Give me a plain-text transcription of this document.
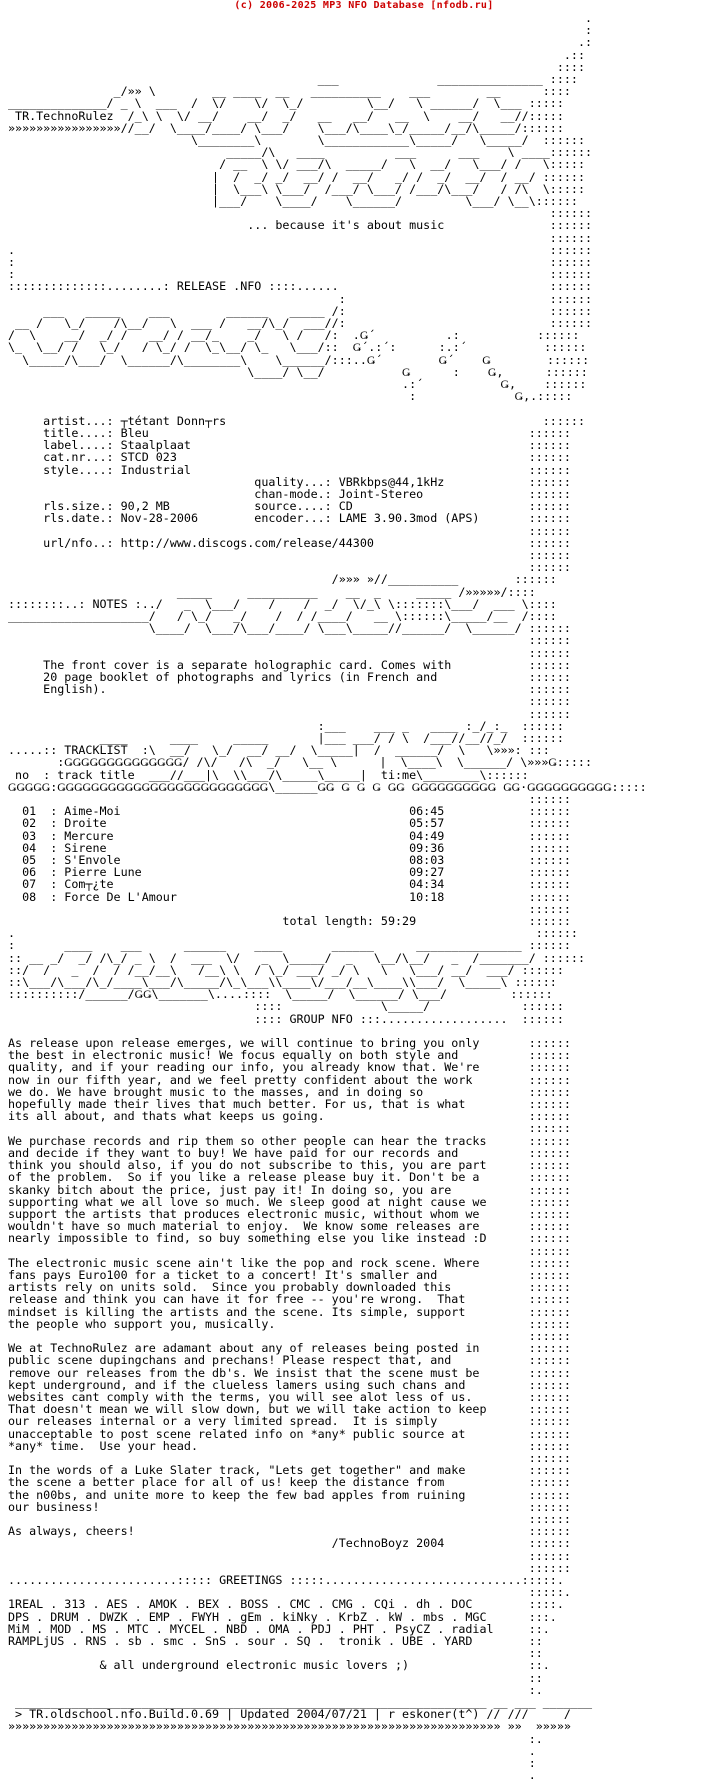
(c) 2006-2025 MP3 NFO Database [nfodb.ru]
.
:
.:
.::
::::
___              _______________ ::::
_/»» \        __ ____  __   __________    ___        __      ::::
______________/ _ \  ___  /  \/    \/  \_/         \__/   \ ______/  \___ :::::
TR.TechnoRulez  /_\ \  \/ __/    __/  _/   __   __/   __  \    __/   __//:::::
»»»»»»»»»»»»»»»»//__/  \____/____/ \___/    \___/\____\_/_____/__/\_____/::::::
\________\        \____________\_____/   \_____/  ::::::
_____/\   ____          ___      ___    \ ____::::::
/ __  \ \/ ___/\  _____/   \  __/   \___/ /   \:::::
|  /  _/ _/  __/ /  __/   _/ /  _/  __/  / __/ ::::::
|  \___\ \___/  /___/ \___/ /___/\___/   / /\  \:::::
|___/    \____/    \______/         \___/ \__\::::::
::::::
... because it's about music               ::::::
::::::
.                                                                            ::::::
:                                                                            ::::::
:                                                                            ::::::
::::::::::::::........: RELEASE .NFO ::::......                              ::::::
:                             ::::::
___   _____    ___        ______   _____ /:                             ::::::
__ /   \_/    /\__/   \  ___ /   __/\_/  ___//:                             ::::::
/  \    __/  _/ /   __/ / __/_    _/   \ /   /:  .Ǥ´          .:           ::::::
\_  \__/ /   \_/   / \_/ /  \_\__/ \_   \___/::  Ǥ´.:´:      :.:´           ::::::
\_____/\___/  \______/\________\    \______/:::..Ǥ´        Ǥ´    Ǥ        ::::::
\____/ \__/           Ǥ      :    Ǥ,      ::::::
.:´           Ǥ,    ::::::
:              Ǥ,.:::::

artist...: ┬tétant Donn┬rs                                             ::::::
title....: Bleu                                                      ::::::
label....: Staalplaat                                                ::::::
cat.nr...: STCD 023                                                  ::::::
style....: Industrial                                                ::::::
quality...: VBRkbps@44,1kHz            ::::::
chan-mode.: Joint-Stereo               ::::::
rls.size.: 90,2 MB            source....: CD                         ::::::
rls.date.: Nov-28-2006        encoder...: LAME 3.90.3mod (APS)       ::::::
::::::
url/nfo..: http://www.discogs.com/release/44300                      ::::::
::::::
::::::
/»»» »//__________        ::::::
_____     __________    __  _     _____ /»»»»»/::::
::::::::..: NOTES :../   _  \___/    /    /  _/  \/_\ \:::::::\___/  ___ \::::
____________________/   / \_/   _/    /  / /____/   __ \::::::\_____/__  /::::
\____/  \___/\___/____/ \___\_____//______/  \______/ ::::::
::::::
::::::
The front cover is a separate holographic card. Comes with           ::::::
20 page booklet of photographs and lyrics (in French and             ::::::
English).                                                            ::::::
::::::
::::::
:___    ___ _   ____ :_/_:_  ::::::
____      ____     _____       |___ ___/ / \  /___//__//_/  ::::::
.....:: TRACKLIST  :\  __/   \_/  __/ __/  \_____|  /  ______/  \   \»»»: :::
:ǤǤǤǤǤǤǤǤǤǤǤǤǤǤ/ /\/   /\  _/   \__ \      |  \____\  \______/ \»»»Ǥ:::::
no  : track title  ___//___|\  \\___/\_____\_____|  ti:me\________\::::::
ǤǤǤǤǤ:ǤǤǤǤǤǤǤǤǤǤǤǤǤǤǤǤǤǤǤǤǤǤǤǤǤ\______ǤǤ Ǥ Ǥ Ǥ ǤǤ ǤǤǤǤǤǤǤǤǤǤ ǤǤ·ǤǤǤǤǤǤǤǤǤǤ:::::
::::::
01  : Aime-Moi                                         06:45            ::::::
02  : Droite                                           05:57            ::::::
03  : Mercure                                          04:49            ::::::
04  : Sirene                                           09:36            ::::::
05  : S'Envole                                         08:03            ::::::
06  : Pierre Lune                                      09:27            ::::::
07  : Com┬¿te                                          04:34            ::::::
08  : Force De L'Amour                                 10:18            ::::::
::::::
total length: 59:29                ::::::
.                                                                          ::::::
:       ____    ___      ______    ____       ______      _______________ ::::::
:: __ _/  _/ /\_/ _ \  /  ___  \/   _  \_____/  _   \__/\__/   _  /_______/ ::::::
::/  /   _  /  / /__/__\   /__\ \  / \_/ ___/ _/ \   \   \___/ __/  ___/ ::::::
::\___/\___/\_/____\___/\_____/\_\___\\____\/___/__\____\\___/  \_____\ ::::::
::::::::::/______/ǤǤ\_______\....::::  \_____/  \______/ \___/         ::::::
::::              \_____/             ::::::
:::: GROUP NFO :::..................  ::::::

As release upon release emerges, we will continue to bring you only       ::::::
the best in electronic music! We focus equally on both style and          ::::::
quality, and if your reading our info, you already know that. We're       ::::::
now in our fifth year, and we feel pretty confident about the work        ::::::
we do. We have brought music to the masses, and in doing so               ::::::
hopefully made their lives that much better. For us, that is what         ::::::
its all about, and thats what keeps us going.                             ::::::
::::::
We purchase records and rip them so other people can hear the tracks      ::::::
and decide if they want to buy! We have paid for our records and          ::::::
think you should also, if you do not subscribe to this, you are part      ::::::
of the problem.  So if you like a release please buy it. Don't be a       ::::::
skanky bitch about the price, just pay it! In doing so, you are           ::::::
supporting what we all love so much. We sleep good at night cause we      ::::::
support the artists that produces electronic music, without whom we       ::::::
wouldn't have so much material to enjoy.  We know some releases are       ::::::
nearly impossible to find, so buy something else you like instead :D      ::::::
::::::
The electronic music scene ain't like the pop and rock scene. Where       ::::::
fans pays Euro100 for a ticket to a concert! It's smaller and             ::::::
artists rely on units sold.  Since you probably downloaded this           ::::::
release and think you can have it for free -- you're wrong.  That         ::::::
mindset is killing the artists and the scene. Its simple, support         ::::::
the people who support you, musically.                                    ::::::
::::::
We at TechnoRulez are adamant about any of releases being posted in       ::::::
public scene dupingchans and prechans! Please respect that, and           ::::::
remove our releases from the db's. We insist that the scene must be       ::::::
kept underground, and if the clueless lamers using such chans and         ::::::
websites cant comply with the terms, you will see alot less of us.        ::::::
That doesn't mean we will slow down, but we will take action to keep      ::::::
our releases internal or a very limited spread.  It is simply             ::::::
unacceptable to post scene related info on *any* public source at         ::::::
*any* time.  Use your head.                                               ::::::
::::::
In the words of a Luke Slater track, "Lets get together" and make         ::::::
the scene a better place for all of us! keep the distance from            ::::::
the n00bs, and unite more to keep the few bad apples from ruining         ::::::
our business!                                                             ::::::
::::::
As always, cheers!                                                        ::::::
/TechnoBoyz 2004            ::::::
::::::
::::::
........................::::: GREETINGS :::::............................:::::.
:::::.
1REAL . 313 . AES . AMOK . BEX . BOSS . CMC . CMG . CQi . dh . DOC        ::::.
DPS . DRUM . DWZK . EMP . FWYH . gEm . kiNky . KrbZ . kW . mbs . MGC      :::.
MiM . MOD . MS . MTC . MYCEL . NBD . OMA . PDJ . PHT . PsyCZ . radial     ::.
RAMPLjUS . RNS . sb . smc . SnS . sour . SQ .  tronik . UBE . YARD        ::
::
& all underground electronic music lovers ;)                 ::.
::
:.
___________________________________________________________________ __ ___ _______
> TR.oldschool.nfo.Build.0.69 | Updated 2004/07/21 | r eskoner(t^) // ///     /
»»»»»»»»»»»»»»»»»»»»»»»»»»»»»»»»»»»»»»»»»»»»»»»»»»»»»»»»»»»»»»»»»»»»»» »»  »»»»»
:.
.
:
.
